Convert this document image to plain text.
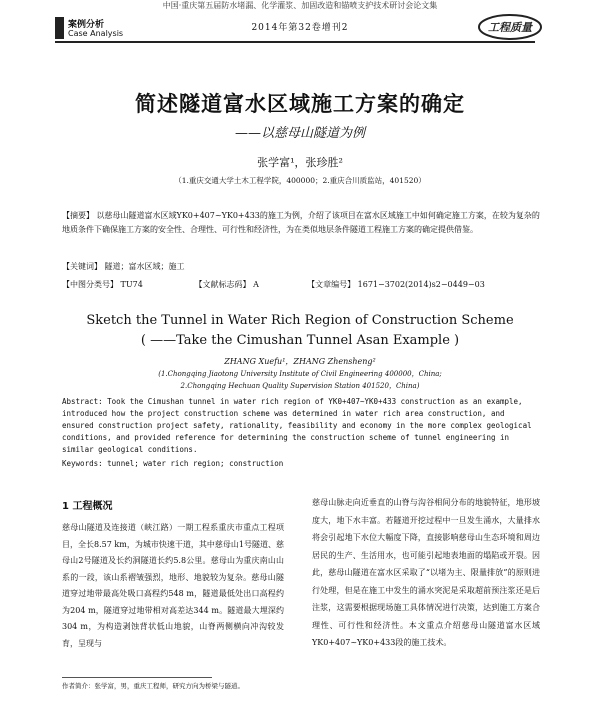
中国·重庆第五届防水堵漏、化学灌浆、加固改造和锚喷支护技术研讨会论文集
案例分析
Case Analysis
2014年第32卷增刊2	工程质量
简述隧道富水区域施工方案的确定
——以慈母山隧道为例
张学富¹，张珍胜²
（1.重庆交通大学土木工程学院，400000；2.重庆合川质监站，401520）

【摘要】 以慈母山隧道富水区域YK0+407~YK0+433的施工为例，介绍了该项目在富水区域施工中如何确定施工方案，在较为复杂的地质条件下确保施工方案的安全性、合理性、可行性和经济性，为在类似地层条件隧道工程施工方案的确定提供借鉴。

【关键词】 隧道；富水区域；施工
【中图分类号】 TU74	【文献标志码】 A	【文章编号】 1671−3702(2014)s2−0449−03
Sketch the Tunnel in Water Rich Region of Construction Scheme
( ——Take the Cimushan Tunnel Asan Example )
ZHANG Xuefu¹，ZHANG Zhensheng²
(1.Chongqing Jiaotong University Institute of Civil Engineering 400000，China;
2.Chongqing Hechuan Quality Supervision Station 401520，China)

Abstract: Took the Cimushan tunnel in water rich region of YK0+407~YK0+433 construction as an example, introduced how the project construction scheme was determined in water rich area construction, and ensured construction project safety, rationality, feasibility and economy in the more complex geological conditions, and provided reference for determining the construction scheme of tunnel engineering in similar geological conditions.

Keywords: tunnel; water rich region; construction
1 工程概况

慈母山隧道及连接道（峡江路）一期工程系重庆市重点工程项目，全长8.57 km，为城市快速干道，其中慈母山1号隧道、慈母山2号隧道及长约洞隧道长约5.8公里。慈母山为重庆南山山系的一段，该山系褶皱强烈，地形、地貌较为复杂。慈母山隧道穿过地带最高处吸口高程约548 m，隧道最低处出口高程约为204 m，隧道穿过地带相对高差达344 m。隧道最大埋深约304 m，为构造剥蚀背状低山地貌，山脊两侧横向冲沟较发育，呈现与

慈母山脉走向近垂直的山脊与沟谷相间分布的地貌特征，地形坡度大，地下水丰富。若隧道开挖过程中一旦发生涌水，大量排水将会引起地下水位大幅度下降，直接影响慈母山生态环境和周边居民的生产、生活用水，也可能引起地表地面的塌陷或开裂。因此，慈母山隧道在富水区采取了“以堵为主、限量排放”的原则进行处理，但是在施工中发生的涌水突泥是采取超前预注浆还是后注浆，这需要根据现场施工具体情况进行决策，达到施工方案合理性、可行性和经济性。本文重点介绍慈母山隧道富水区域YK0+407~YK0+433段的施工技术。

作者简介：张学富，男，重庆工程师，研究方向为桥梁与隧道。
